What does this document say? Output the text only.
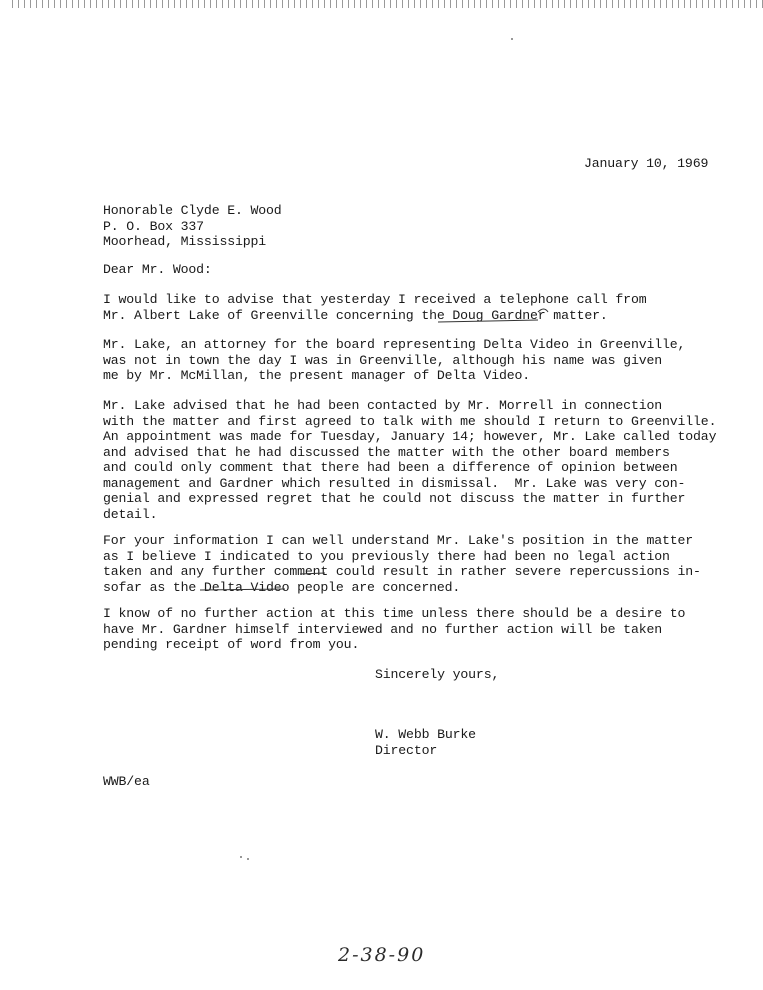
January 10, 1969
Honorable Clyde E. Wood
P. O. Box 337
Moorhead, Mississippi
Dear Mr. Wood:
I would like to advise that yesterday I received a telephone call from
Mr. Albert Lake of Greenville concerning the Doug Gardner matter.
Mr. Lake, an attorney for the board representing Delta Video in Greenville,
was not in town the day I was in Greenville, although his name was given
me by Mr. McMillan, the present manager of Delta Video.
Mr. Lake advised that he had been contacted by Mr. Morrell in connection
with the matter and first agreed to talk with me should I return to Greenville.
An appointment was made for Tuesday, January 14; however, Mr. Lake called today
and advised that he had discussed the matter with the other board members
and could only comment that there had been a difference of opinion between
management and Gardner which resulted in dismissal.  Mr. Lake was very con-
genial and expressed regret that he could not discuss the matter in further
detail.
For your information I can well understand Mr. Lake's position in the matter
as I believe I indicated to you previously there had been no legal action
taken and any further comment could result in rather severe repercussions in-
sofar as the Delta Video people are concerned.
I know of no further action at this time unless there should be a desire to
have Mr. Gardner himself interviewed and no further action will be taken
pending receipt of word from you.
Sincerely yours,
W. Webb Burke
Director
WWB/ea
2-38-90
